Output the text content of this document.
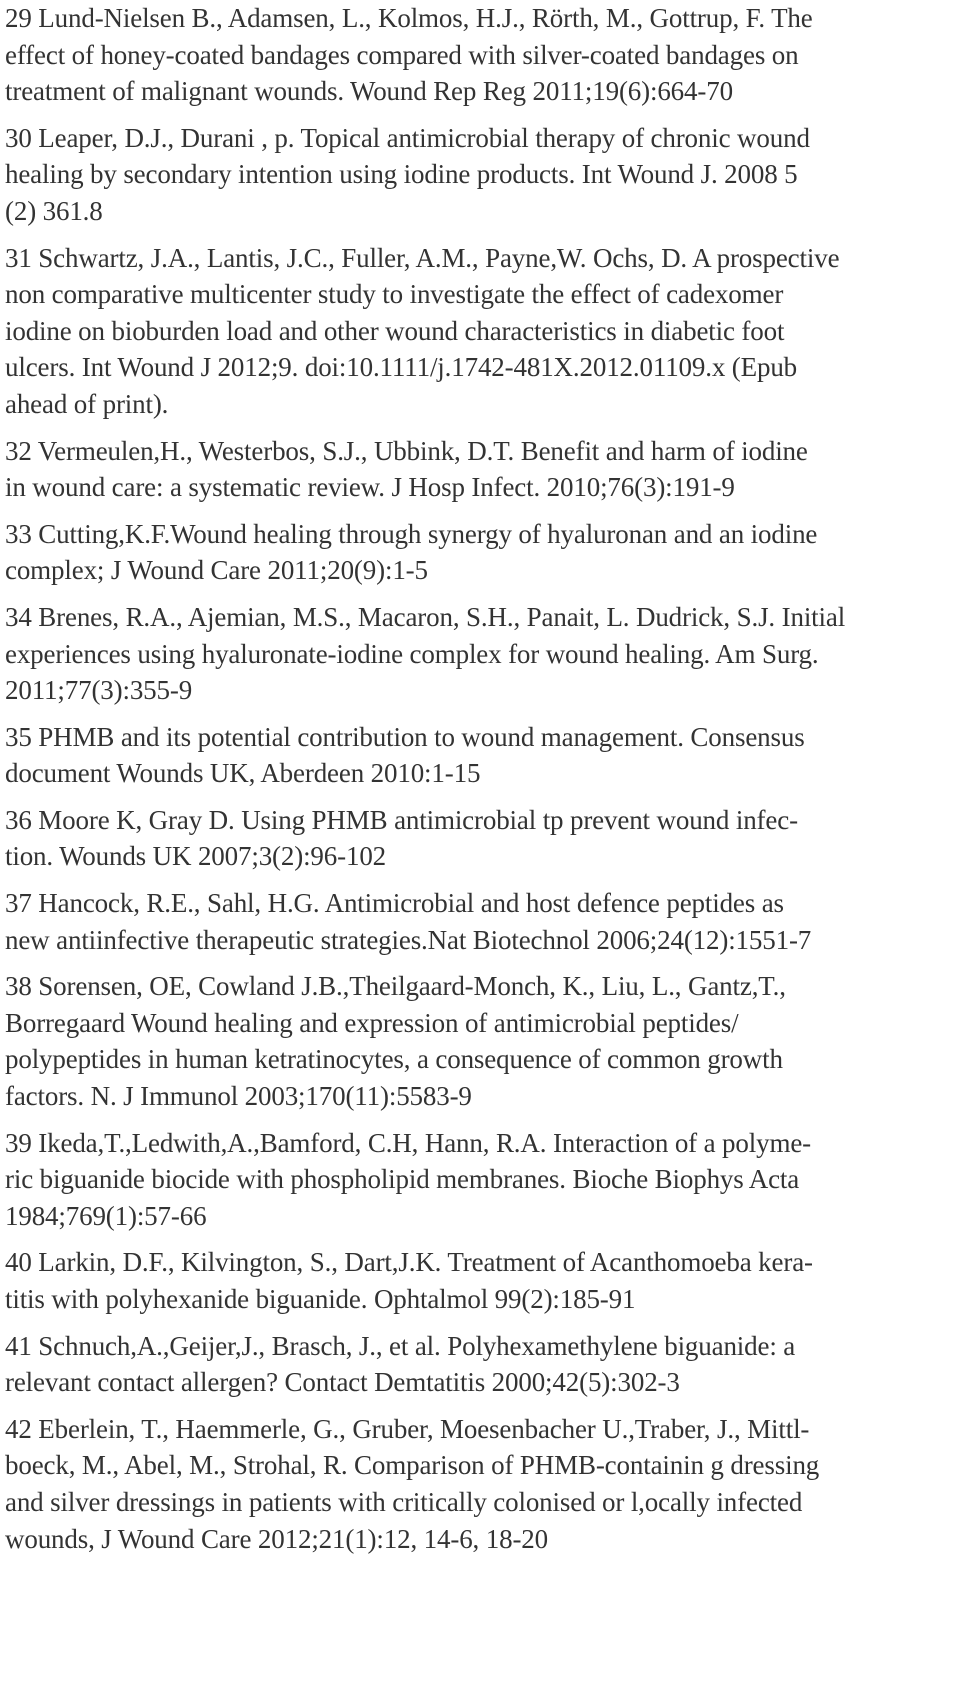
29 Lund-Nielsen B., Adamsen, L., Kolmos, H.J., Rörth, M., Gottrup, F. The
effect of honey-coated bandages compared with silver-coated bandages on
treatment of malignant wounds. Wound Rep Reg 2011;19(6):664-70
30 Leaper, D.J., Durani , p. Topical antimicrobial therapy of chronic wound
healing by secondary intention using iodine products. Int Wound J. 2008 5
(2) 361.8
31 Schwartz, J.A., Lantis, J.C., Fuller, A.M., Payne,W. Ochs, D. A prospective
non comparative multicenter study to investigate the effect of cadexomer
iodine on bioburden load and other wound characteristics in diabetic foot
ulcers. Int Wound J 2012;9. doi:10.1111/j.1742-481X.2012.01109.x (Epub
ahead of print).
32 Vermeulen,H., Westerbos, S.J., Ubbink, D.T. Benefit and harm of iodine
in wound care: a systematic review. J Hosp Infect. 2010;76(3):191-9
33 Cutting,K.F.Wound healing through synergy of hyaluronan and an iodine
complex; J Wound Care 2011;20(9):1-5
34 Brenes, R.A., Ajemian, M.S., Macaron, S.H., Panait, L. Dudrick, S.J. Initial
experiences using hyaluronate-iodine complex for wound healing. Am Surg.
2011;77(3):355-9
35 PHMB and its potential contribution to wound management. Consensus
document Wounds UK, Aberdeen 2010:1-15
36 Moore K, Gray D. Using PHMB antimicrobial tp prevent wound infec-
tion. Wounds UK 2007;3(2):96-102
37 Hancock, R.E., Sahl, H.G. Antimicrobial and host defence peptides as
new antiinfective therapeutic strategies.Nat Biotechnol 2006;24(12):1551-7
38 Sorensen, OE, Cowland J.B.,Theilgaard-Monch, K., Liu, L., Gantz,T.,
Borregaard Wound healing and expression of antimicrobial peptides/
polypeptides in human ketratinocytes, a consequence of common growth
factors. N. J Immunol 2003;170(11):5583-9
39 Ikeda,T.,Ledwith,A.,Bamford, C.H, Hann, R.A. Interaction of a polyme-
ric biguanide biocide with phospholipid membranes. Bioche Biophys Acta
1984;769(1):57-66
40 Larkin, D.F., Kilvington, S., Dart,J.K. Treatment of Acanthomoeba kera-
titis with polyhexanide biguanide. Ophtalmol 99(2):185-91
41 Schnuch,A.,Geijer,J., Brasch, J., et al. Polyhexamethylene biguanide: a
relevant contact allergen? Contact Demtatitis 2000;42(5):302-3
42 Eberlein, T., Haemmerle, G., Gruber, Moesenbacher U.,Traber, J., Mittl-
boeck, M., Abel, M., Strohal, R. Comparison of PHMB-containin g dressing
and silver dressings in patients with critically colonised or l,ocally infected
wounds, J Wound Care 2012;21(1):12, 14-6, 18-20
